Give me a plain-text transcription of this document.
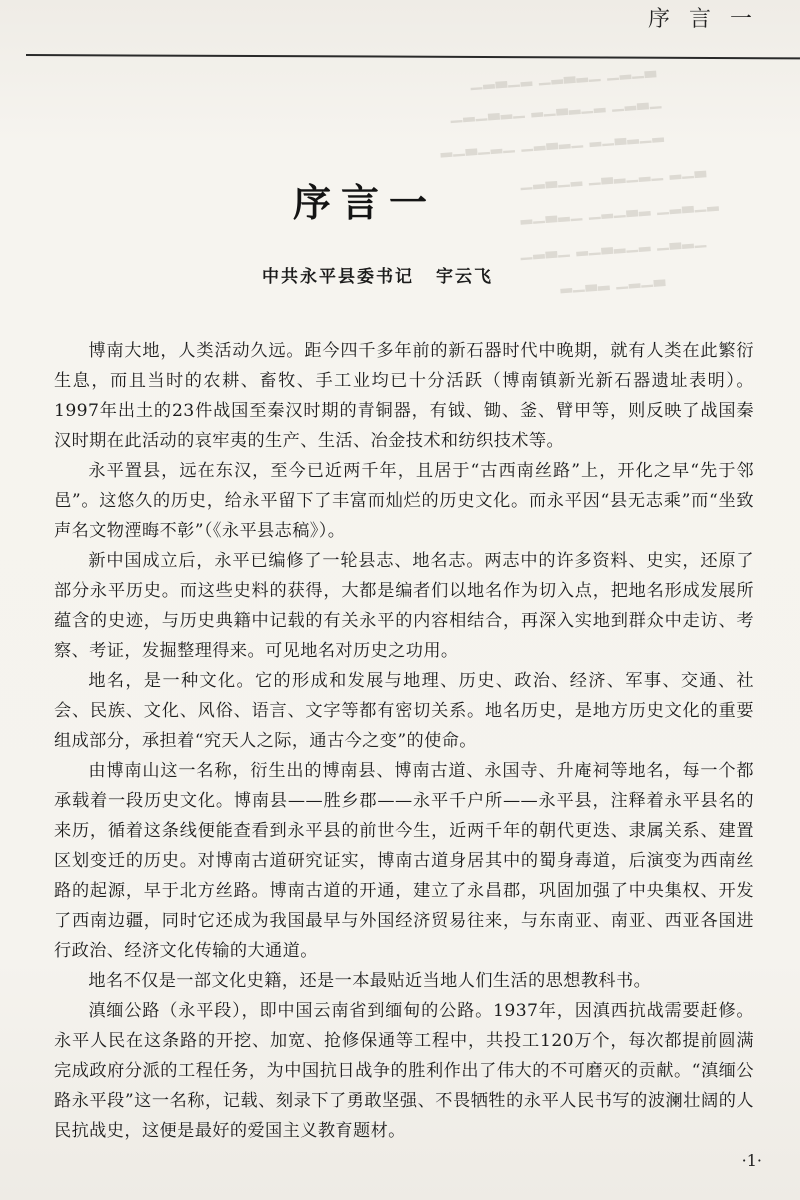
序 言 一
▁▂▃▁▂ ▁▂▃▂▁ ▁▂▁▃
▁▂▁▃▂▁ ▂▁▃▂▁▂ ▁▂▃▁
▂▁▃▁▂▁ ▁▂▃▂▁ ▂▁▃▂▁▂
▁▂▃▁▂ ▁▃▂▁▂▁ ▂▁▃
▂▁▃▂▁ ▁▂▁▃▂ ▁▂▃▁▂
▁▂▃▁ ▂▁▃▂▁▂ ▁▃▂▁
▂▁▃▂ ▁▂▁▃
序言一
中共永平县委书记 宇云飞

博南大地，人类活动久远。距今四千多年前的新石器时代中晚期，就有人类在此繁衍生息，而且当时的农耕、畜牧、手工业均已十分活跃（博南镇新光新石器遗址表明）。1997年出土的23件战国至秦汉时期的青铜器，有钺、锄、釜、臂甲等，则反映了战国秦汉时期在此活动的哀牢夷的生产、生活、冶金技术和纺织技术等。

永平置县，远在东汉，至今已近两千年，且居于“古西南丝路”上，开化之早“先于邻邑”。这悠久的历史，给永平留下了丰富而灿烂的历史文化。而永平因“县无志乘”而“坐致声名文物湮晦不彰”（《永平县志稿》）。

新中国成立后，永平已编修了一轮县志、地名志。两志中的许多资料、史实，还原了部分永平历史。而这些史料的获得，大都是编者们以地名作为切入点，把地名形成发展所蕴含的史迹，与历史典籍中记载的有关永平的内容相结合，再深入实地到群众中走访、考察、考证，发掘整理得来。可见地名对历史之功用。

地名，是一种文化。它的形成和发展与地理、历史、政治、经济、军事、交通、社会、民族、文化、风俗、语言、文字等都有密切关系。地名历史，是地方历史文化的重要组成部分，承担着“究天人之际，通古今之变”的使命。

由博南山这一名称，衍生出的博南县、博南古道、永国寺、升庵祠等地名，每一个都承载着一段历史文化。博南县——胜乡郡——永平千户所——永平县，注释着永平县名的来历，循着这条线便能查看到永平县的前世今生，近两千年的朝代更迭、隶属关系、建置区划变迁的历史。对博南古道研究证实，博南古道身居其中的蜀身毒道，后演变为西南丝路的起源，早于北方丝路。博南古道的开通，建立了永昌郡，巩固加强了中央集权、开发了西南边疆，同时它还成为我国最早与外国经济贸易往来，与东南亚、南亚、西亚各国进行政治、经济文化传输的大通道。

地名不仅是一部文化史籍，还是一本最贴近当地人们生活的思想教科书。

滇缅公路（永平段），即中国云南省到缅甸的公路。1937年，因滇西抗战需要赶修。永平人民在这条路的开挖、加宽、抢修保通等工程中，共投工120万个，每次都提前圆满完成政府分派的工程任务，为中国抗日战争的胜利作出了伟大的不可磨灭的贡献。“滇缅公路永平段”这一名称，记载、刻录下了勇敢坚强、不畏牺牲的永平人民书写的波澜壮阔的人民抗战史，这便是最好的爱国主义教育题材。

·1·
